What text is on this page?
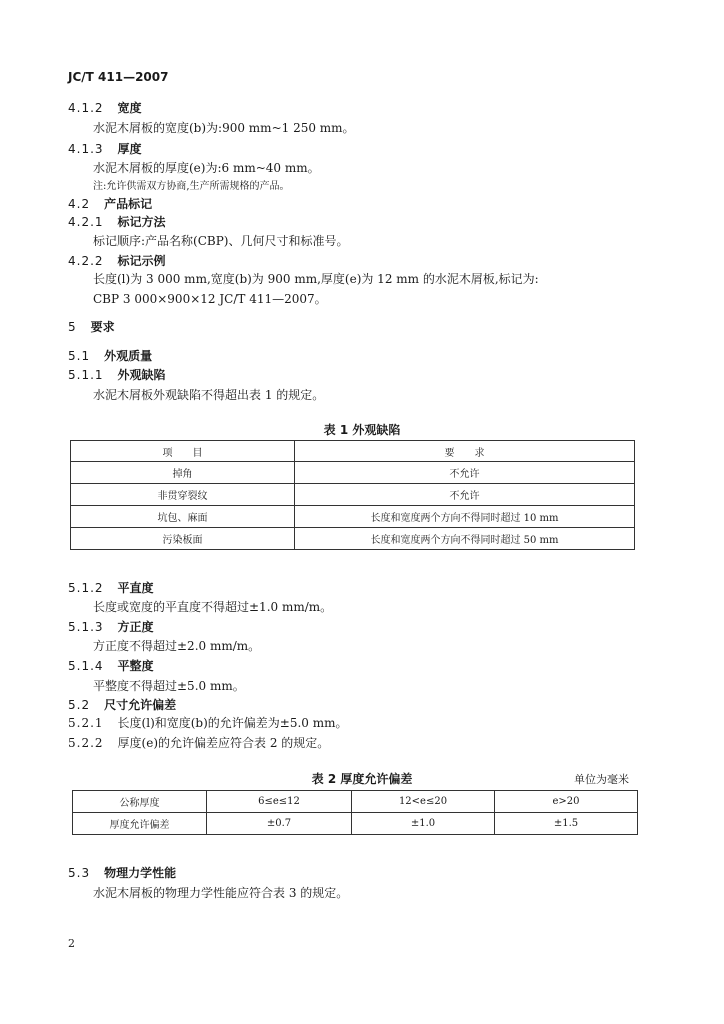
JC/T 411—2007
4.1.2 宽度
水泥木屑板的宽度(b)为:900 mm~1 250 mm。
4.1.3 厚度
水泥木屑板的厚度(e)为:6 mm~40 mm。
注:允许供需双方协商,生产所需规格的产品。
4.2 产品标记
4.2.1 标记方法
标记顺序:产品名称(CBP)、几何尺寸和标准号。
4.2.2 标记示例
长度(l)为 3 000 mm,宽度(b)为 900 mm,厚度(e)为 12 mm 的水泥木屑板,标记为:
CBP 3 000×900×12 JC/T 411—2007。
5 要求
5.1 外观质量
5.1.1 外观缺陷
水泥木屑板外观缺陷不得超出表 1 的规定。
表 1 外观缺陷
项　　目	要　　求
掉角	不允许
非贯穿裂纹	不允许
坑包、麻面	长度和宽度两个方向不得同时超过 10 mm
污染板面	长度和宽度两个方向不得同时超过 50 mm
5.1.2 平直度
长度或宽度的平直度不得超过±1.0 mm/m。
5.1.3 方正度
方正度不得超过±2.0 mm/m。
5.1.4 平整度
平整度不得超过±5.0 mm。
5.2 尺寸允许偏差
5.2.1 长度(l)和宽度(b)的允许偏差为±5.0 mm。
5.2.2 厚度(e)的允许偏差应符合表 2 的规定。
表 2 厚度允许偏差	单位为毫米
公称厚度	6≤e≤12	12<e≤20	e>20
厚度允许偏差	±0.7	±1.0	±1.5
5.3 物理力学性能
水泥木屑板的物理力学性能应符合表 3 的规定。
2
